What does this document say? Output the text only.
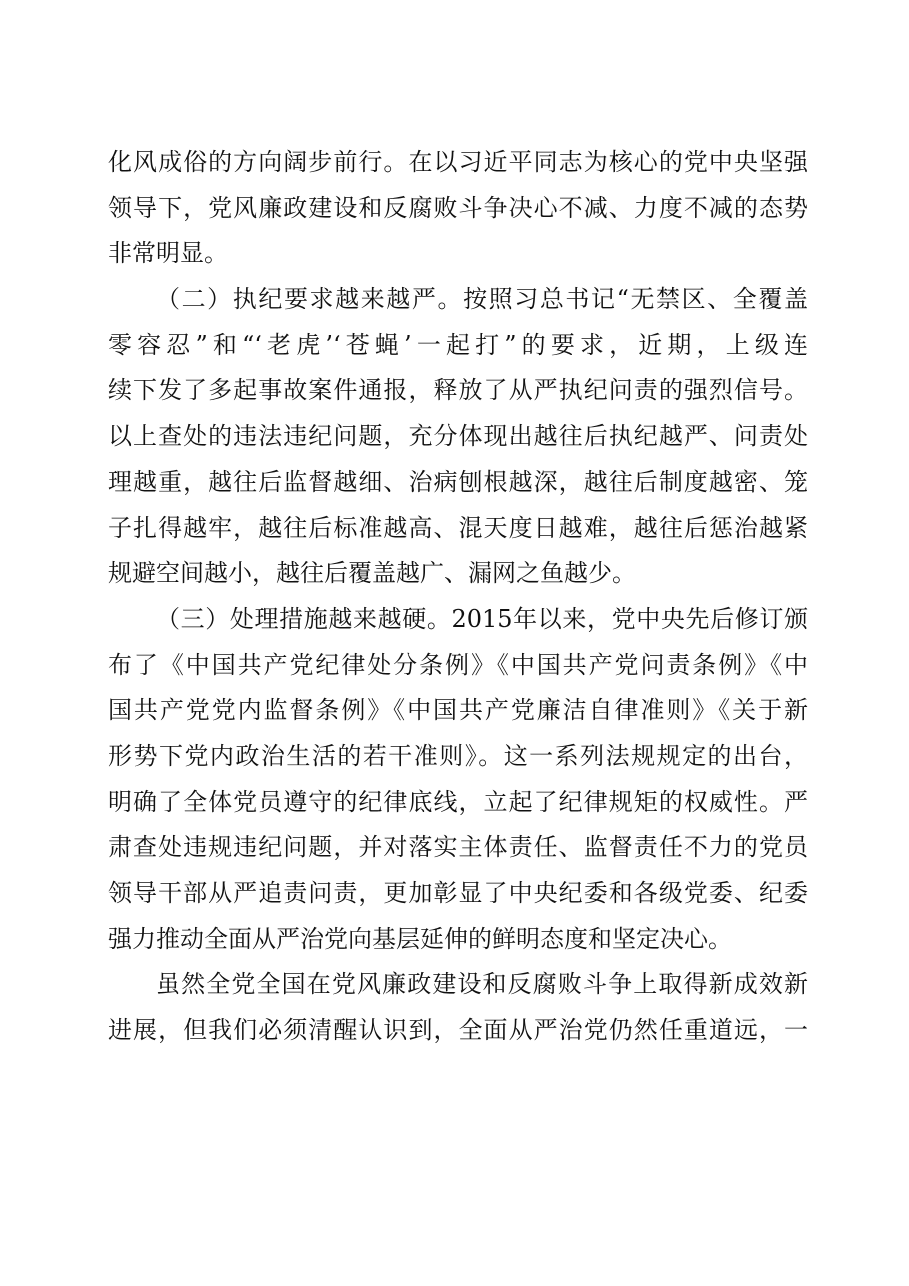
化风成俗的方向阔步前行。在以习近平同志为核心的党中央坚强
领导下，党风廉政建设和反腐败斗争决心不减、力度不减的态势
非常明显。
（二）执纪要求越来越严。按照习总书记“无禁区、全覆盖
零容忍”和“‘老虎’‘苍蝇’一起打”的要求，近期，上级连
续下发了多起事故案件通报，释放了从严执纪问责的强烈信号。
以上查处的违法违纪问题，充分体现出越往后执纪越严、问责处
理越重，越往后监督越细、治病刨根越深，越往后制度越密、笼
子扎得越牢，越往后标准越高、混天度日越难，越往后惩治越紧
规避空间越小，越往后覆盖越广、漏网之鱼越少。
（三）处理措施越来越硬。2015年以来，党中央先后修订颁
布了《中国共产党纪律处分条例》《中国共产党问责条例》《中
国共产党党内监督条例》《中国共产党廉洁自律准则》《关于新
形势下党内政治生活的若干准则》。这一系列法规规定的出台，
明确了全体党员遵守的纪律底线，立起了纪律规矩的权威性。严
肃查处违规违纪问题，并对落实主体责任、监督责任不力的党员
领导干部从严追责问责，更加彰显了中央纪委和各级党委、纪委
强力推动全面从严治党向基层延伸的鲜明态度和坚定决心。
虽然全党全国在党风廉政建设和反腐败斗争上取得新成效新
进展，但我们必须清醒认识到，全面从严治党仍然任重道远，一
